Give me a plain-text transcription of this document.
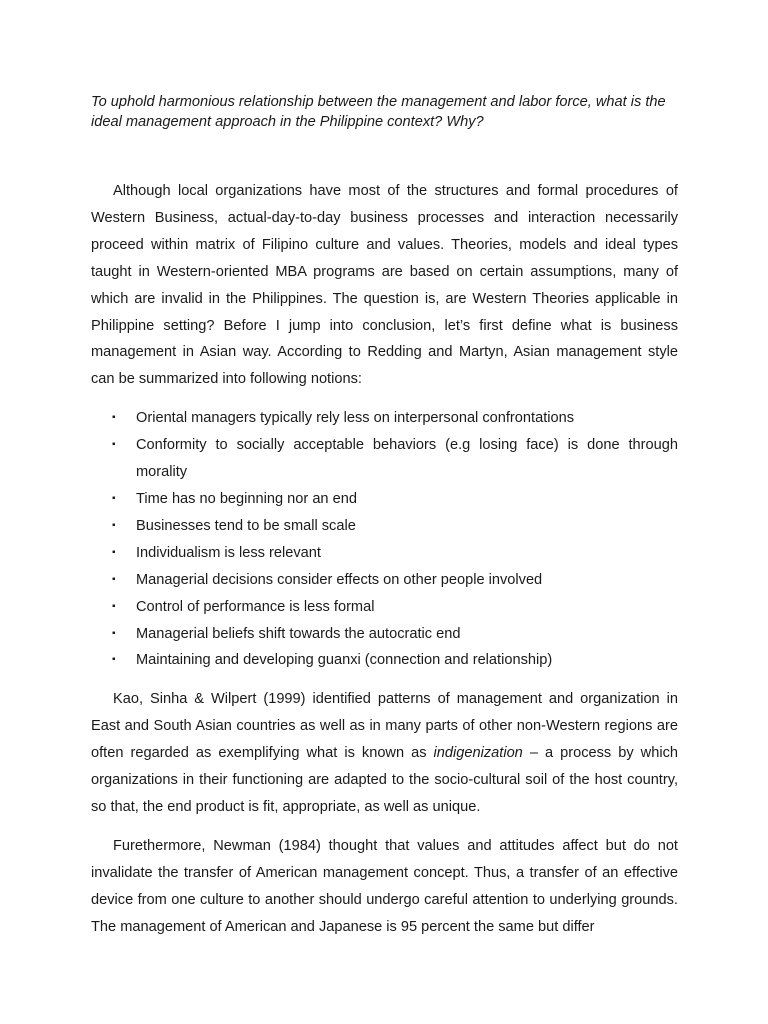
To uphold harmonious relationship between the management and labor force, what is the ideal management approach in the Philippine context? Why?

Although local organizations have most of the structures and formal procedures of Western Business, actual-day-to-day business processes and interaction necessarily proceed within matrix of Filipino culture and values. Theories, models and ideal types taught in Western-oriented MBA programs are based on certain assumptions, many of which are invalid in the Philippines. The question is, are Western Theories applicable in Philippine setting? Before I jump into conclusion, let’s first define what is business management in Asian way. According to Redding and Martyn, Asian management style can be summarized into following notions:

▪ Oriental managers typically rely less on interpersonal confrontations
▪ Conformity to socially acceptable behaviors (e.g losing face) is done through morality
▪ Time has no beginning nor an end
▪ Businesses tend to be small scale
▪ Individualism is less relevant
▪ Managerial decisions consider effects on other people involved
▪ Control of performance is less formal
▪ Managerial beliefs shift towards the autocratic end
▪ Maintaining and developing guanxi (connection and relationship)

Kao, Sinha & Wilpert (1999) identified patterns of management and organization in East and South Asian countries as well as in many parts of other non-Western regions are often regarded as exemplifying what is known as indigenization – a process by which organizations in their functioning are adapted to the socio-cultural soil of the host country, so that, the end product is fit, appropriate, as well as unique.

Furethermore, Newman (1984) thought that values and attitudes affect but do not invalidate the transfer of American management concept. Thus, a transfer of an effective device from one culture to another should undergo careful attention to underlying grounds. The management of American and Japanese is 95 percent the same but differ
